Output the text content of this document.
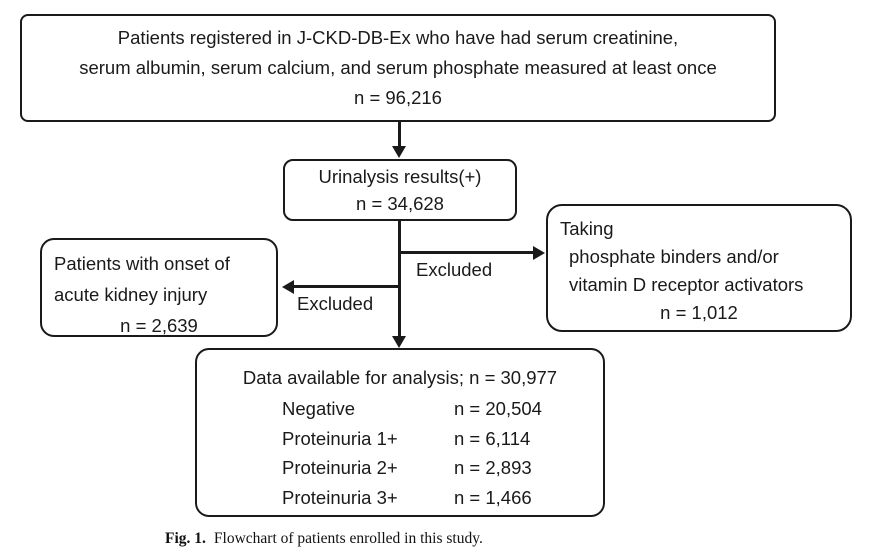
Patients registered in J-CKD-DB-Ex who have had serum creatinine,
serum albumin, serum calcium, and serum phosphate measured at least once
n = 96,216
Urinalysis results(+)
n = 34,628
Excluded
Excluded
Patients with onset of
acute kidney injury
n = 2,639
Taking
phosphate binders and/or
vitamin D receptor activators
n = 1,012
Data available for analysis; n = 30,977
Negative	n = 20,504
Proteinuria 1+	n = 6,114
Proteinuria 2+	n = 2,893
Proteinuria 3+	n = 1,466
Fig. 1. Flowchart of patients enrolled in this study.
